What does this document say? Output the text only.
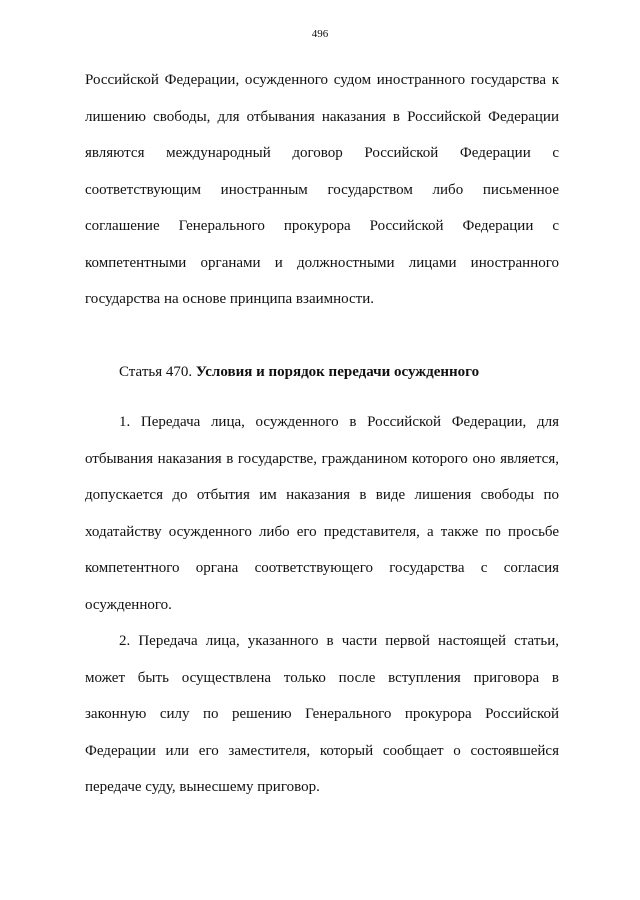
496

Российской Федерации, осужденного судом иностранного государства к лишению свободы, для отбывания наказания в Российской Федерации являются международный договор Российской Федерации с соответствующим иностранным государством либо письменное соглашение Генерального прокурора Российской Федерации с компетентными органами и должностными лицами иностранного государства на основе принципа взаимности.

Статья 470. Условия и порядок передачи осужденного

1. Передача лица, осужденного в Российской Федерации, для отбывания наказания в государстве, гражданином которого оно является, допускается до отбытия им наказания в виде лишения свободы по ходатайству осужденного либо его представителя, а также по просьбе компетентного органа соответствующего государства с согласия осужденного.

2. Передача лица, указанного в части первой настоящей статьи, может быть осуществлена только после вступления приговора в законную силу по решению Генерального прокурора Российской Федерации или его заместителя, который сообщает о состоявшейся передаче суду, вынесшему приговор.
